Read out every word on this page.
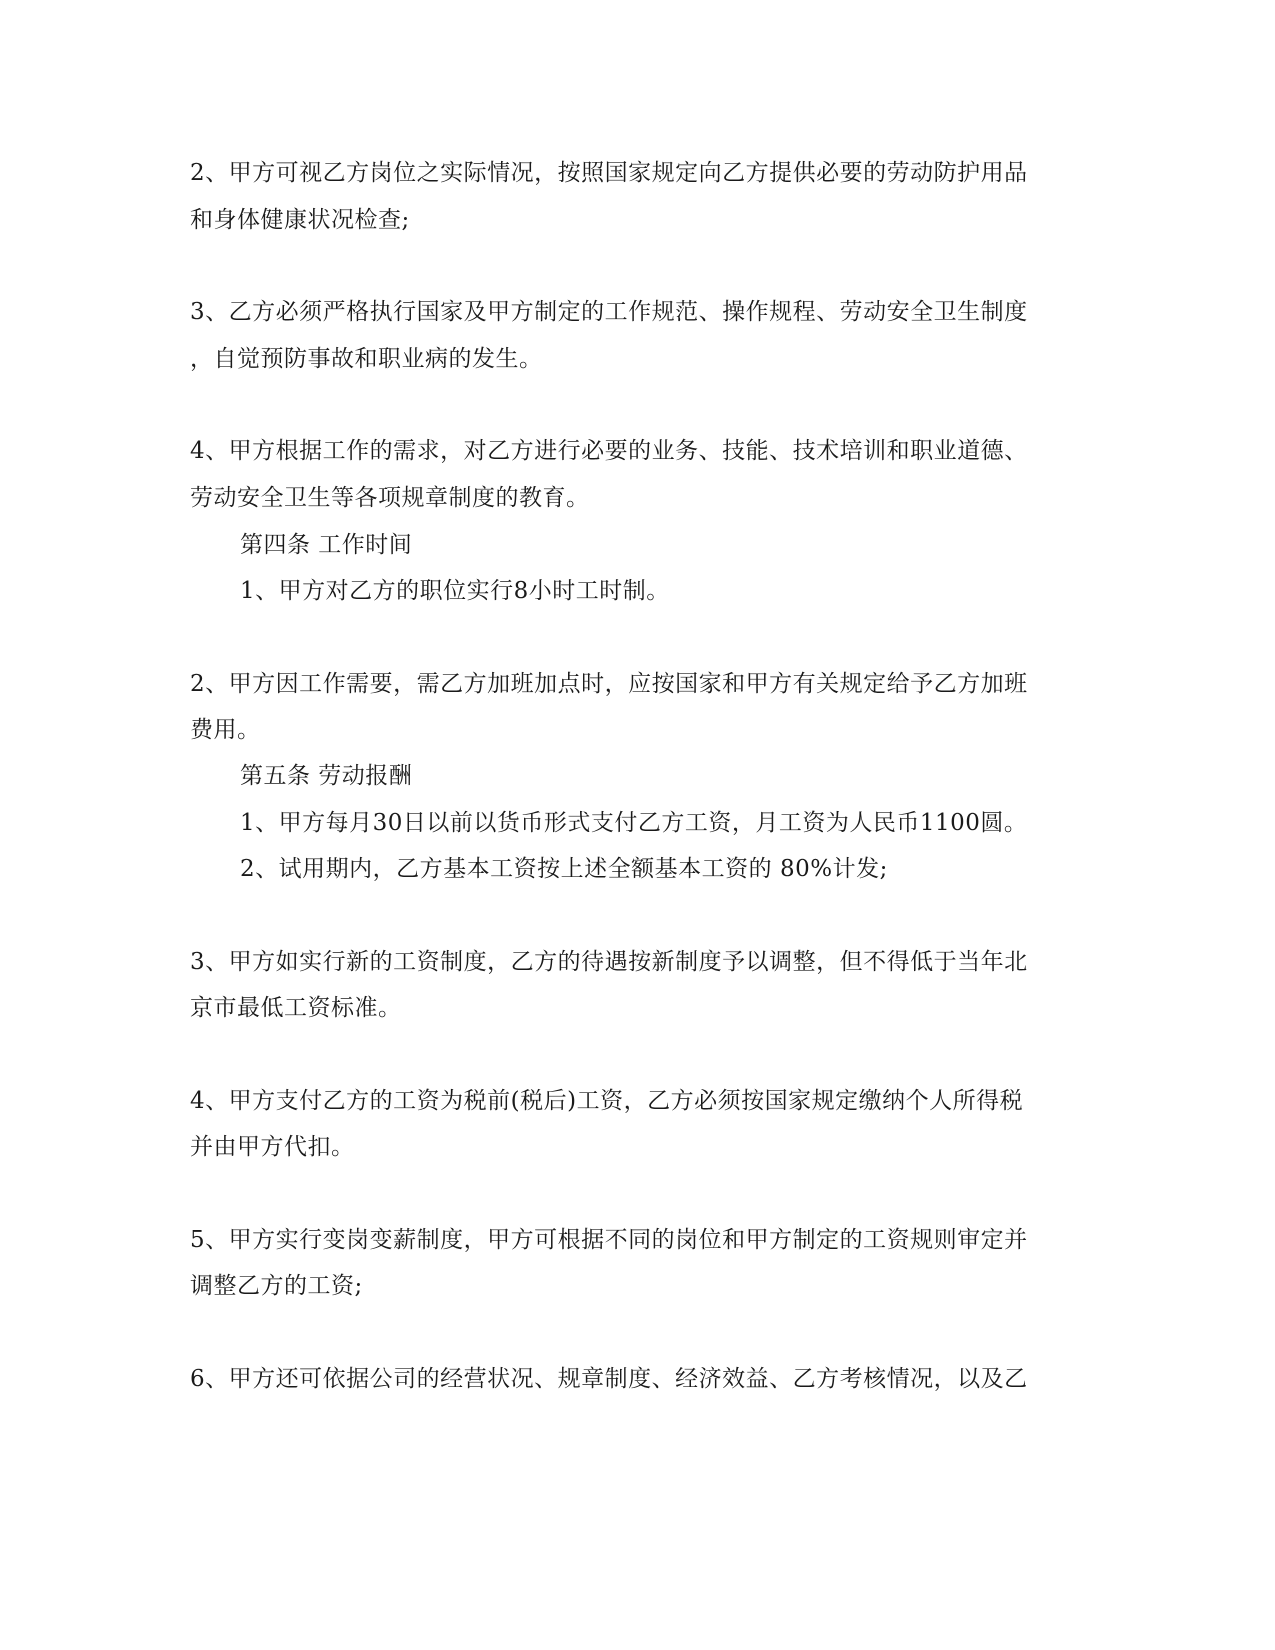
2、甲方可视乙方岗位之实际情况，按照国家规定向乙方提供必要的劳动防护用品
和身体健康状况检查;
3、乙方必须严格执行国家及甲方制定的工作规范、操作规程、劳动安全卫生制度
，自觉预防事故和职业病的发生。
4、甲方根据工作的需求，对乙方进行必要的业务、技能、技术培训和职业道德、
劳动安全卫生等各项规章制度的教育。
第四条 工作时间
1、甲方对乙方的职位实行8小时工时制。
2、甲方因工作需要，需乙方加班加点时，应按国家和甲方有关规定给予乙方加班
费用。
第五条 劳动报酬
1、甲方每月30日以前以货币形式支付乙方工资，月工资为人民币1100圆。
2、试用期内，乙方基本工资按上述全额基本工资的 80%计发;
3、甲方如实行新的工资制度，乙方的待遇按新制度予以调整，但不得低于当年北
京市最低工资标准。
4、甲方支付乙方的工资为税前(税后)工资，乙方必须按国家规定缴纳个人所得税
并由甲方代扣。
5、甲方实行变岗变薪制度，甲方可根据不同的岗位和甲方制定的工资规则审定并
调整乙方的工资;
6、甲方还可依据公司的经营状况、规章制度、经济效益、乙方考核情况，以及乙
